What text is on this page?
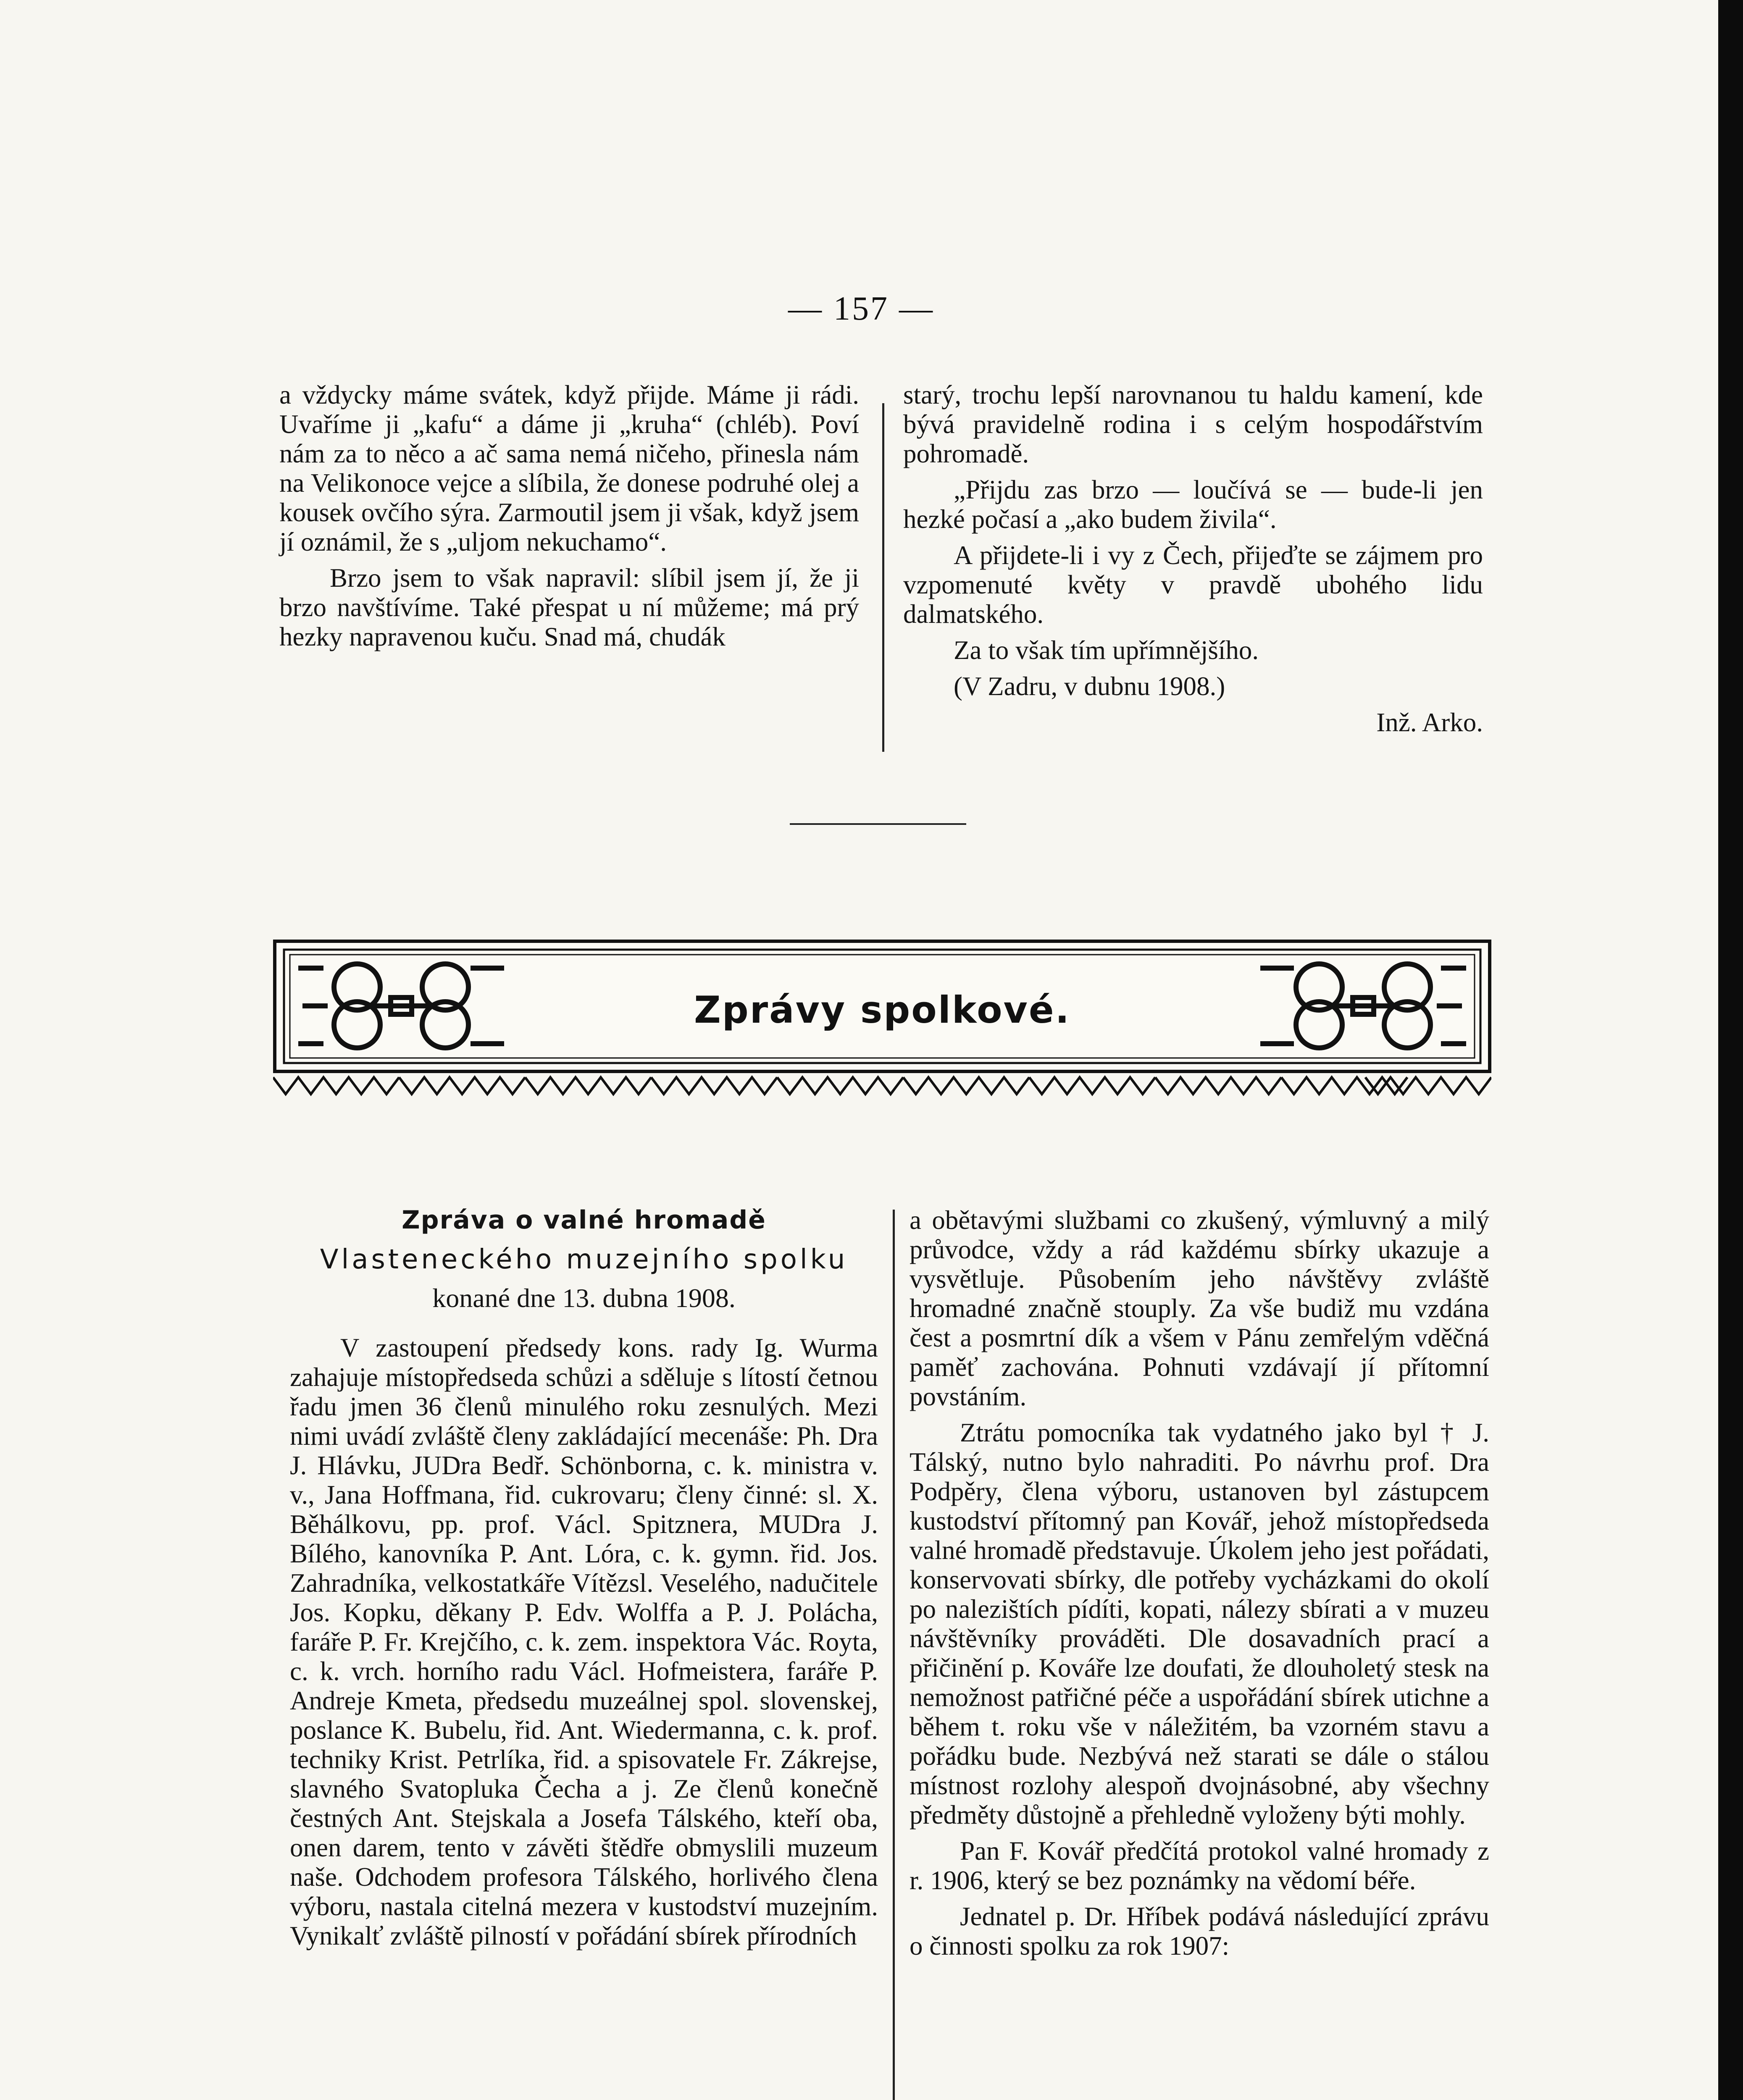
— 157 —

a vždycky máme svátek, když přijde. Máme ji rádi. Uvaříme ji „kafu“ a dáme ji „kruha“ (chléb). Poví nám za to něco a ač sama nemá ničeho, přinesla nám na Velikonoce vejce a slíbila, že donese podruhé olej a kousek ovčího sýra. Zarmoutil jsem ji však, když jsem jí oznámil, že s „uljom nekuchamo“.

Brzo jsem to však napravil: slíbil jsem jí, že ji brzo navštívíme. Také přespat u ní můžeme; má prý hezky napravenou kuču. Snad má, chudák

starý, trochu lepší narovnanou tu haldu kamení, kde bývá pravidelně rodina i s celým hospodářstvím pohromadě.

„Přijdu zas brzo — loučívá se — bude-li jen hezké počasí a „ako budem živila“.

A přijdete-li i vy z Čech, přijeďte se zájmem pro vzpomenuté květy v pravdě ubohého lidu dalmatského.

Za to však tím upřímnějšího.

(V Zadru, v dubnu 1908.)

Inž. Arko.

Zprávy spolkové.
Zpráva o valné hromadě
Vlasteneckého muzejního spolku
konané dne 13. dubna 1908.

V zastoupení předsedy kons. rady Ig. Wurma zahajuje místopředseda schůzi a sděluje s lítostí četnou řadu jmen 36 členů minulého roku zesnulých. Mezi nimi uvádí zvláště členy zakládající mecenáše: Ph. Dra J. Hlávku, JUDra Bedř. Schönborna, c. k. ministra v. v., Jana Hoffmana, řid. cukrovaru; členy činné: sl. X. Běhálkovu, pp. prof. Václ. Spitznera, MUDra J. Bílého, kanovníka P. Ant. Lóra, c. k. gymn. řid. Jos. Zahradníka, velkostatkáře Vítězsl. Veselého, nadučitele Jos. Kopku, děkany P. Edv. Wolffa a P. J. Polácha, faráře P. Fr. Krejčího, c. k. zem. inspektora Vác. Royta, c. k. vrch. horního radu Václ. Hofmeistera, faráře P. Andreje Kmeta, předsedu muzeálnej spol. slovenskej, poslance K. Bubelu, řid. Ant. Wiedermanna, c. k. prof. techniky Krist. Petrlíka, řid. a spisovatele Fr. Zákrejse, slavného Svatopluka Čecha a j. Ze členů konečně čestných Ant. Stejskala a Josefa Tálského, kteří oba, onen darem, tento v závěti štědře obmyslili muzeum naše. Odchodem profesora Tálského, horlivého člena výboru, nastala citelná mezera v kustodství muzejním. Vynikalť zvláště pilností v pořádání sbírek přírodních

a obětavými službami co zkušený, výmluvný a milý průvodce, vždy a rád každému sbírky ukazuje a vysvětluje. Působením jeho návštěvy zvláště hromadné značně stouply. Za vše budiž mu vzdána čest a posmrtní dík a všem v Pánu zemřelým vděčná paměť zachována. Pohnuti vzdávají jí přítomní povstáním.

Ztrátu pomocníka tak vydatného jako byl † J. Tálský, nutno bylo nahraditi. Po návrhu prof. Dra Podpěry, člena výboru, ustanoven byl zástupcem kustodství přítomný pan Kovář, jehož místopředseda valné hromadě představuje. Úkolem jeho jest pořádati, konservovati sbírky, dle potřeby vycházkami do okolí po nalezištích pídíti, kopati, nálezy sbírati a v muzeu návštěvníky prováděti. Dle dosavadních prací a přičinění p. Kováře lze doufati, že dlouholetý stesk na nemožnost patřičné péče a uspořádání sbírek utichne a během t. roku vše v náležitém, ba vzorném stavu a pořádku bude. Nezbývá než starati se dále o stálou místnost rozlohy alespoň dvojnásobné, aby všechny předměty důstojně a přehledně vyloženy býti mohly.

Pan F. Kovář předčítá protokol valné hromady z r. 1906, který se bez poznámky na vědomí béře.

Jednatel p. Dr. Hříbek podává následující zprávu o činnosti spolku za rok 1907:
